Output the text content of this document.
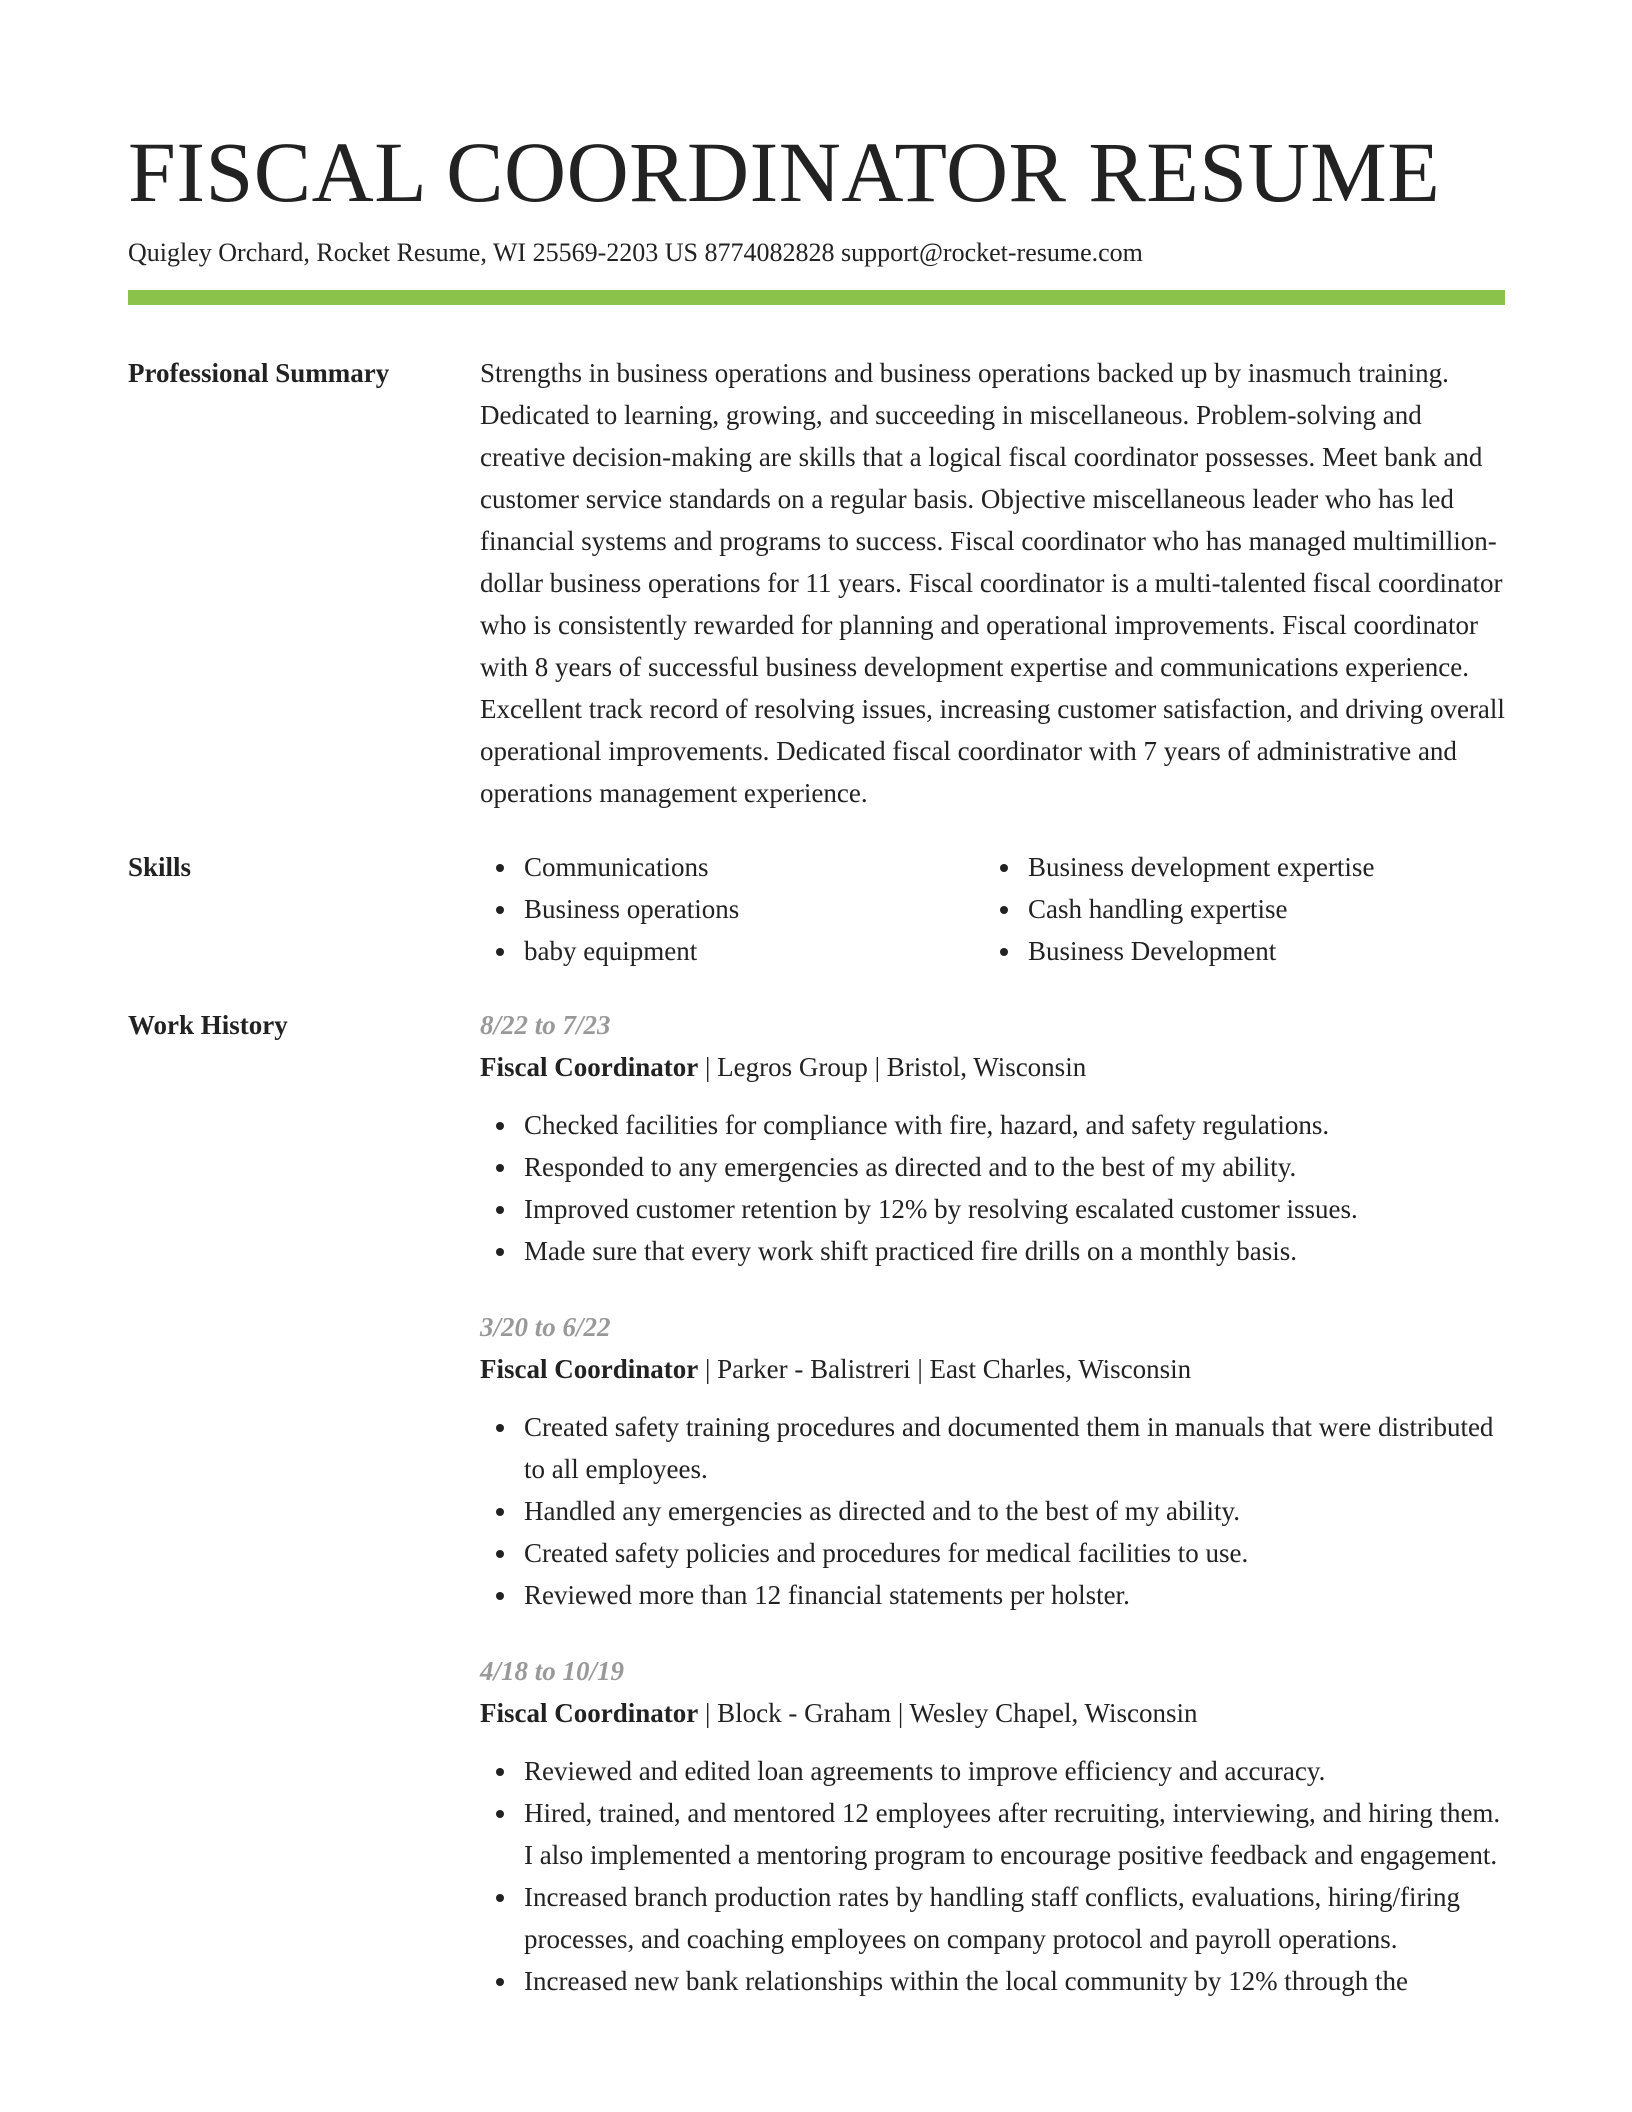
FISCAL COORDINATOR RESUME
Quigley Orchard, Rocket Resume, WI 25569-2203 US 8774082828 support@rocket-resume.com
Professional Summary	Strengths in business operations and business operations backed up by inasmuch training. Dedicated to learning, growing, and succeeding in miscellaneous. Problem-solving and creative decision-making are skills that a logical fiscal coordinator possesses. Meet bank and customer service standards on a regular basis. Objective miscellaneous leader who has led financial systems and programs to success. Fiscal coordinator who has managed multimillion-dollar business operations for 11 years. Fiscal coordinator is a multi-talented fiscal coordinator who is consistently rewarded for planning and operational improvements. Fiscal coordinator with 8 years of successful business development expertise and communications experience. Excellent track record of resolving issues, increasing customer satisfaction, and driving overall operational improvements. Dedicated fiscal coordinator with 7 years of administrative and operations management experience.

Skills	Communications
Business operations
baby equipment
Business development expertise
Cash handling expertise
Business Development
Work History	8/22 to 7/23

Fiscal Coordinator | Legros Group | Bristol, Wisconsin

Checked facilities for compliance with fire, hazard, and safety regulations.
Responded to any emergencies as directed and to the best of my ability.
Improved customer retention by 12% by resolving escalated customer issues.
Made sure that every work shift practiced fire drills on a monthly basis.
3/20 to 6/22

Fiscal Coordinator | Parker - Balistreri | East Charles, Wisconsin

Created safety training procedures and documented them in manuals that were distributed to all employees.
Handled any emergencies as directed and to the best of my ability.
Created safety policies and procedures for medical facilities to use.
Reviewed more than 12 financial statements per holster.
4/18 to 10/19

Fiscal Coordinator | Block - Graham | Wesley Chapel, Wisconsin

Reviewed and edited loan agreements to improve efficiency and accuracy.
Hired, trained, and mentored 12 employees after recruiting, interviewing, and hiring them. I also implemented a mentoring program to encourage positive feedback and engagement.
Increased branch production rates by handling staff conflicts, evaluations, hiring/firing processes, and coaching employees on company protocol and payroll operations.
Increased new bank relationships within the local community by 12% through the
